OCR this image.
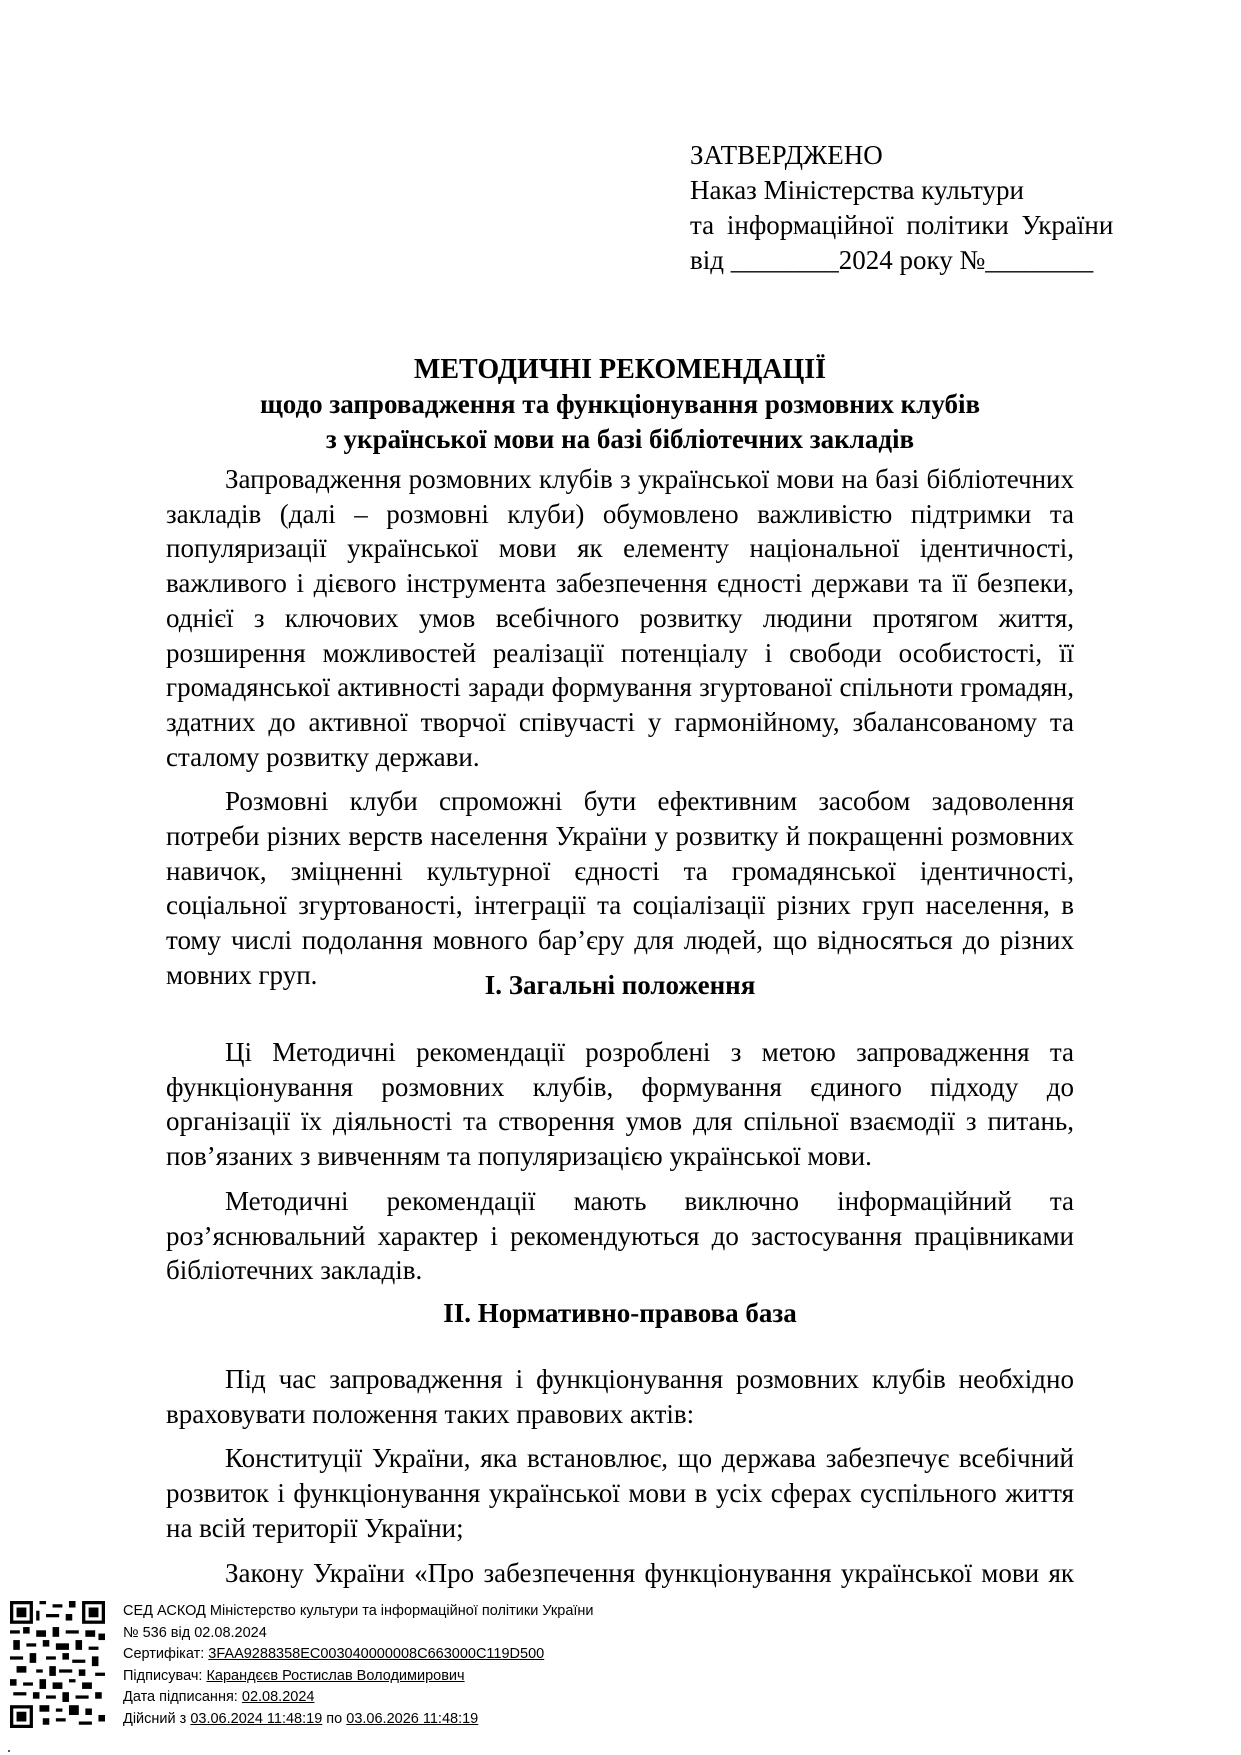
ЗАТВЕРДЖЕНО
Наказ Міністерства культури
та інформаційної політики України
від ________2024 року №________
МЕТОДИЧНІ РЕКОМЕНДАЦІЇ
щодо запровадження та функціонування розмовних клубів
з української мови на базі бібліотечних закладів

Запровадження розмовних клубів з української мови на базі бібліотечних закладів (далі – розмовні клуби) обумовлено важливістю підтримки та популяризації української мови як елементу національної ідентичності, важливого і дієвого інструмента забезпечення єдності держави та її безпеки, однієї з ключових умов всебічного розвитку людини протягом життя, розширення можливостей реалізації потенціалу і свободи особистості, її громадянської активності заради формування згуртованої спільноти громадян, здатних до активної творчої співучасті у гармонійному, збалансованому та сталому розвитку держави.

Розмовні клуби спроможні бути ефективним засобом задоволення потреби різних верств населення України у розвитку й покращенні розмовних навичок, зміцненні культурної єдності та громадянської ідентичності, соціальної згуртованості, інтеграції та соціалізації різних груп населення, в тому числі подолання мовного бар’єру для людей, що відносяться до різних мовних груп.	І. Загальні положення

Ці Методичні рекомендації розроблені з метою запровадження та функціонування розмовних клубів, формування єдиного підходу до організації їх діяльності та створення умов для спільної взаємодії з питань, пов’язаних з вивченням та популяризацією української мови.

Методичні рекомендації мають виключно інформаційний та роз’яснювальний характер і рекомендуються до застосування працівниками бібліотечних закладів.

ІІ. Нормативно-правова база

Під час запровадження і функціонування розмовних клубів необхідно враховувати положення таких правових актів:

Конституції України, яка встановлює, що держава забезпечує всебічний розвиток і функціонування української мови в усіх сферах суспільного життя на всій території України;

Закону України «Про забезпечення функціонування української мови як

СЕД АСКОД Міністерство культури та інформаційної політики України
№ 536 від 02.08.2024
Сертифікат: 3FAA9288358EC003040000008C663000C119D500
Підписувач: Карандєєв Ростислав Володимирович
Дата підписання: 02.08.2024
Дійсний з 03.06.2024 11:48:19 по 03.06.2026 11:48:19
